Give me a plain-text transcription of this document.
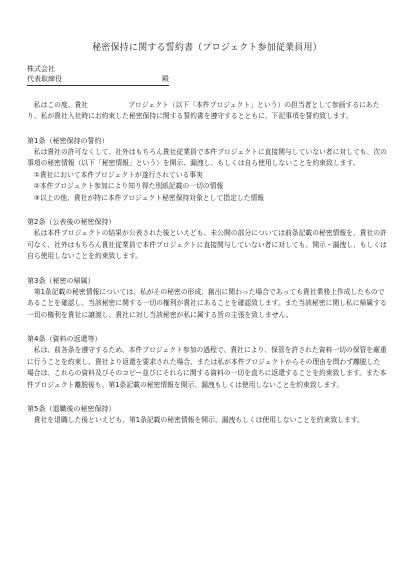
秘密保持に関する誓約書（プロジェクト参加従業員用）
株式会社
代表取締役	殿
私はこの度、貴社	プロジェクト（以下「本件プロジェクト」という）の担当者として参画するにあたり、私が貴社入社時にお約束した秘密保持に関する誓約書を遵守するとともに、下記事項を誓約致します。
第1条（秘密保持の誓約）
私は貴社の許可なくして、社外はもちろん貴社従業員で本件プロジェクトに直接関与していない者に対しても、次の事項の秘密情報（以下「秘密情報」という）を開示、漏洩し、もしくは自ら使用しないことを約束致します。
①貴社において本件プロジェクトが遂行されている事実
②本件プロジェクト参加により知り得た別紙記載の一切の情報
③以上の他、貴社が特に本件プロジェクト秘密保持対象として指定した情報
第2条（公表後の秘密保持）
私は本件プロジェクトの結果が公表された後といえども、未公開の部分については前条記載の秘密情報を、貴社の許可なく、社外はもちろん貴社従業員で本件プロジェクトに直接関与していない者に対しても、開示・漏洩し、もしくは自ら使用しないことを約束致します。
第3条（秘密の帰属）
第1条記載の秘密情報については、私がその秘密の形成、創出に関わった場合であっても貴社業務上作成したものであることを確認し、当該秘密に関する一切の権利が貴社にあることを確認致します。また当該秘密に関し私に帰属する一切の権利を貴社に譲渡し、貴社に対し当該秘密が私に属する旨の主張を致しません。
第4条（資料の返還等）
私は、前各条を遵守するため、本件プロジェクト参加の過程で、貴社により、保管を許された資料一切の保管を厳重に行うことを約束し、貴社より返還を要求された場合、または私が本件プロジェクトからその理由を問わず離脱した場合は、これらの資料及びそのコピー並びにそれらに関する資料の一切を直ちに返還することを約束致します。また本件プロジェクト離脱後も、第1条記載の秘密情報を開示、漏洩もしくは使用しないことを約束致します。
第5条（退職後の秘密保持）
貴社を退職した後といえども、第1条記載の秘密情報を開示、漏洩もしくは使用しないことを約束致します。
